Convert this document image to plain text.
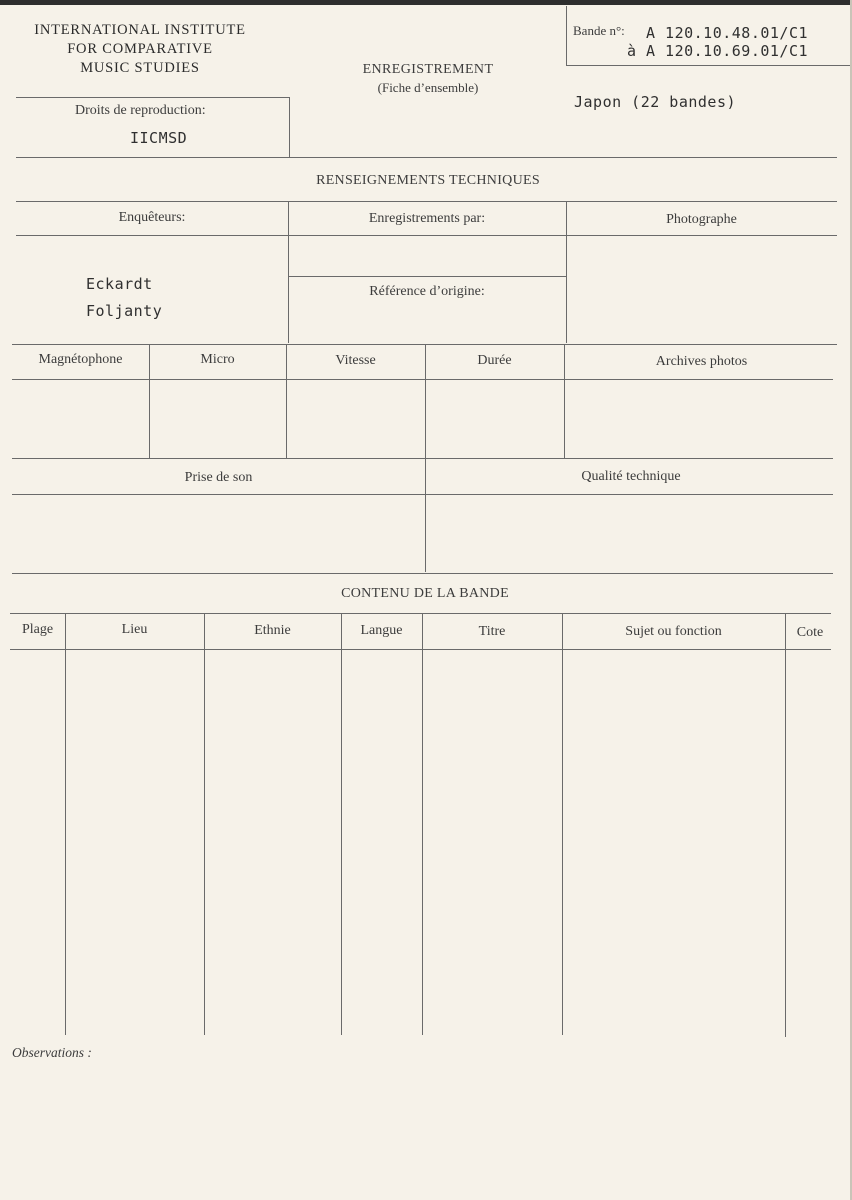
INTERNATIONAL INSTITUTE
FOR COMPARATIVE
MUSIC STUDIES	ENREGISTREMENT
(Fiche d’ensemble)
Bande n°: A 120.10.48.01/C1
à A 120.10.69.01/C1
Japon (22 bandes)
Droits de reproduction:
IICMSD
RENSEIGNEMENTS TECHNIQUES
Enquêteurs:	Enregistrements par:	Photographe
Eckardt
Foljanty
Référence d’origine:
Magnétophone	Micro	Vitesse	Durée	Archives photos
Prise de son	Qualité technique
CONTENU DE LA BANDE
Plage	Lieu	Ethnie	Langue	Titre	Sujet ou fonction	Cote
Observations :
